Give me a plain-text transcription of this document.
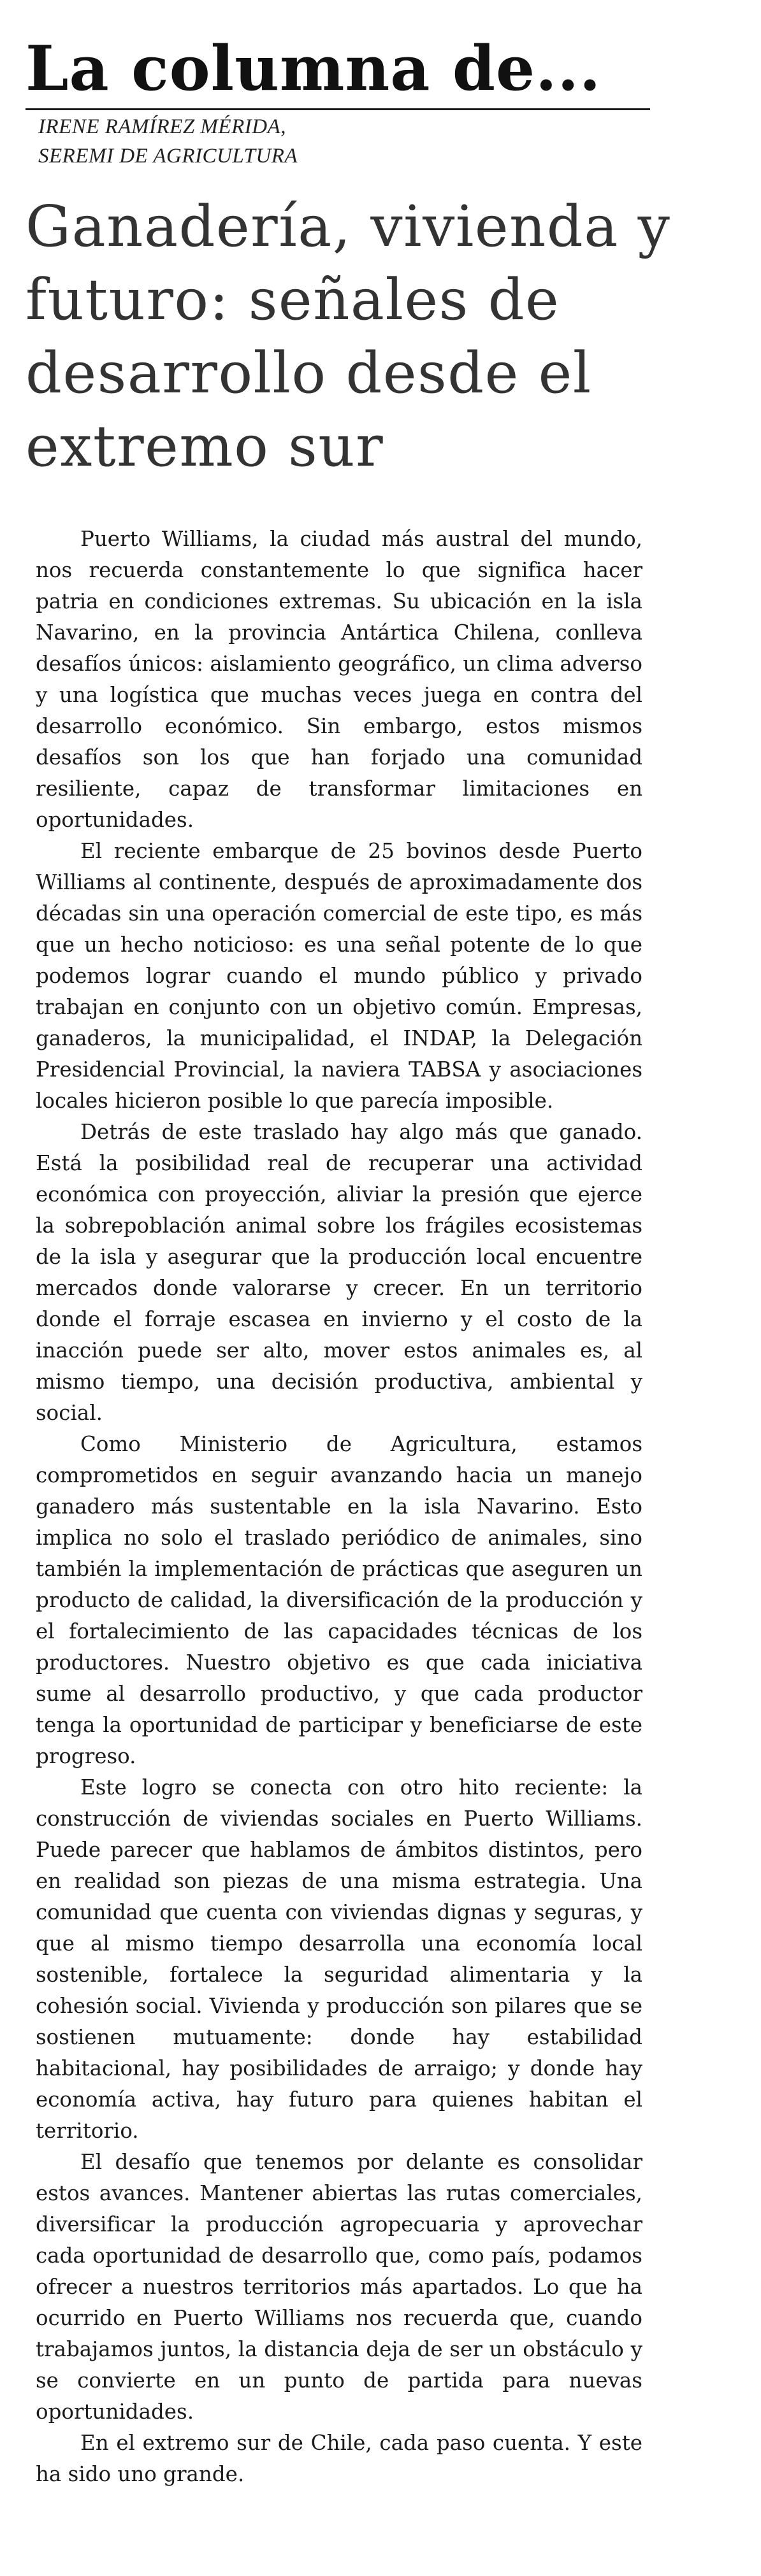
La columna de...
IRENE RAMÍREZ MÉRIDA,
SEREMI DE AGRICULTURA
Ganadería, vivienda y futuro: señales de desarrollo desde el extremo sur

Puerto Williams, la ciudad más austral del mundo, nos recuerda constantemente lo que significa hacer patria en condiciones extremas. Su ubicación en la isla Navarino, en la provincia Antártica Chilena, conlleva desafíos únicos: aislamiento geográfico, un clima adverso y una logística que muchas veces juega en contra del desarrollo económico. Sin embargo, estos mismos desafíos son los que han forjado una comunidad resiliente, capaz de transformar limitaciones en oportunidades.

El reciente embarque de 25 bovinos desde Puerto Williams al continente, después de aproximadamente dos décadas sin una operación comercial de este tipo, es más que un hecho noticioso: es una señal potente de lo que podemos lograr cuando el mundo público y privado trabajan en conjunto con un objetivo común. Empresas, ganaderos, la municipalidad, el INDAP, la Delegación Presidencial Provincial, la naviera TABSA y asociaciones locales hicieron posible lo que parecía imposible.

Detrás de este traslado hay algo más que ganado. Está la posibilidad real de recuperar una actividad económica con proyección, aliviar la presión que ejerce la sobrepoblación animal sobre los frágiles ecosistemas de la isla y asegurar que la producción local encuentre mercados donde valorarse y crecer. En un territorio donde el forraje escasea en invierno y el costo de la inacción puede ser alto, mover estos animales es, al mismo tiempo, una decisión productiva, ambiental y social.

Como Ministerio de Agricultura, estamos comprometidos en seguir avanzando hacia un manejo ganadero más sustentable en la isla Navarino. Esto implica no solo el traslado periódico de animales, sino también la implementación de prácticas que aseguren un producto de calidad, la diversificación de la producción y el fortalecimiento de las capacidades técnicas de los productores. Nuestro objetivo es que cada iniciativa sume al desarrollo productivo, y que cada productor tenga la oportunidad de participar y beneficiarse de este progreso.

Este logro se conecta con otro hito reciente: la construcción de viviendas sociales en Puerto Williams. Puede parecer que hablamos de ámbitos distintos, pero en realidad son piezas de una misma estrategia. Una comunidad que cuenta con viviendas dignas y seguras, y que al mismo tiempo desarrolla una economía local sostenible, fortalece la seguridad alimentaria y la cohesión social. Vivienda y producción son pilares que se sostienen mutuamente: donde hay estabilidad habitacional, hay posibilidades de arraigo; y donde hay economía activa, hay futuro para quienes habitan el territorio.

El desafío que tenemos por delante es consolidar estos avances. Mantener abiertas las rutas comerciales, diversificar la producción agropecuaria y aprovechar cada oportunidad de desarrollo que, como país, podamos ofrecer a nuestros territorios más apartados. Lo que ha ocurrido en Puerto Williams nos recuerda que, cuando trabajamos juntos, la distancia deja de ser un obstáculo y se convierte en un punto de partida para nuevas oportunidades.

En el extremo sur de Chile, cada paso cuenta. Y este ha sido uno grande.
